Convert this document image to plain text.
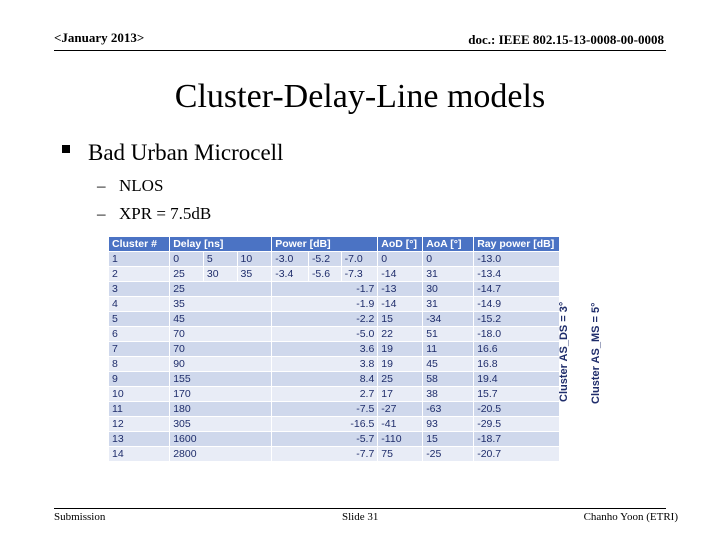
<January 2013>	doc.: IEEE 802.15-13-0008-00-0008
Cluster-Delay-Line models
Bad Urban Microcell
– NLOS
– XPR = 7.5dB
Cluster #	Delay [ns]			Power [dB]			AoD [°]	AoA [°]	Ray power [dB]
1	0	5	10	-3.0	-5.2	-7.0	0	0	-13.0
2	25	30	35	-3.4	-5.6	-7.3	-14	31	-13.4
3	25			-1.7			-13	30	-14.7
4	35			-1.9			-14	31	-14.9
5	45			-2.2			15	-34	-15.2
6	70			-5.0			22	51	-18.0
7	70			3.6			19	11	16.6
8	90			3.8			19	45	16.8
9	155			8.4			25	58	19.4
10	170			2.7			17	38	15.7
11	180			-7.5			-27	-63	-20.5
12	305			-16.5			-41	93	-29.5
13	1600			-5.7			-110	15	-18.7
14	2800			-7.7			75	-25	-20.7
Cluster AS_DS = 3° Cluster AS_MS = 5°
Submission	Slide 31	Chanho Yoon (ETRI)
